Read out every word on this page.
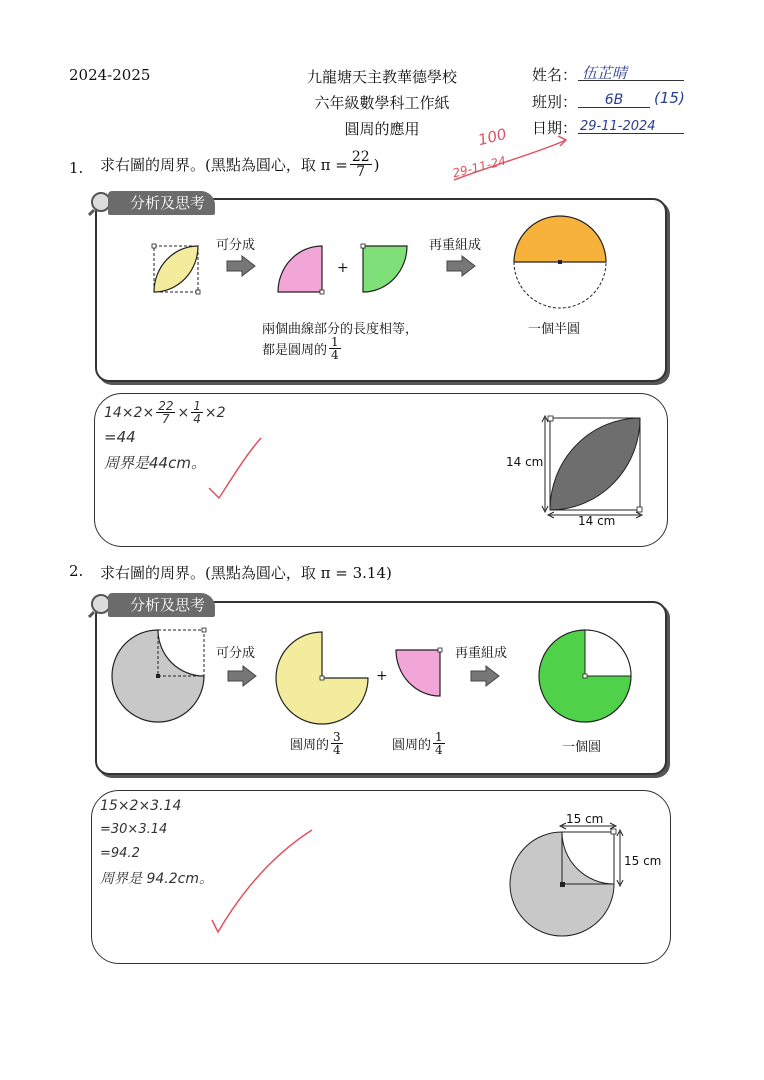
2024-2025	九龍塘天主教華德學校
六年級數學科工作紙
圓周的應用
姓名： 伍芷晴
班別：	6B	(15)
日期： 29-11-2024
100
29-11-24
1. 求右圖的周界。(黑點為圓心，取 $\pi = \frac{22}{7}$ )
分析及思考
可分成
+
再重組成
一個半圓
兩個曲線部分的長度相等，
都是圓周的 $\frac{1}{4}$
$14\times 2\times \frac{22}{7} \times \frac{1}{4} \times 2$
=44
周界是44cm。	14 cm
14 cm
2. 求右圖的周界。(黑點為圓心，取 π = 3.14)
分析及思考
可分成
+
再重組成
圓周的 $\frac{3}{4}$	圓周的 $\frac{1}{4}$	一個圓
15×2×3.14
=30×3.14
=94.2
周界是 94.2cm。
15 cm
15 cm
